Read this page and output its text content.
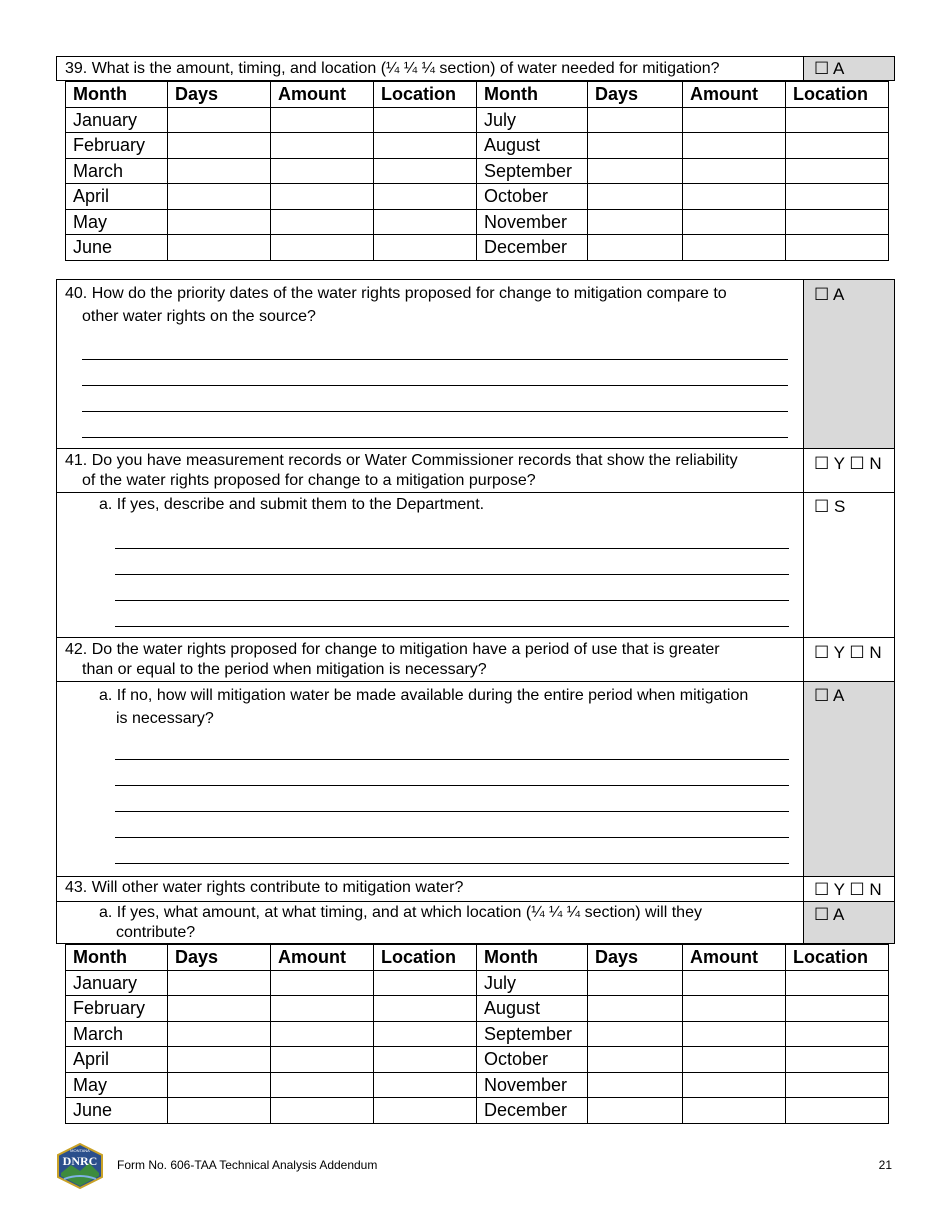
39. What is the amount, timing, and location (¼ ¼ ¼ section) of water needed for mitigation?	☐ A
Month	Days	Amount	Location	Month	Days	Amount	Location
January				July			
February				August			
March				September			
April				October			
May				November			
June				December			
40. How do the priority dates of the water rights proposed for change to mitigation compare to
other water rights on the source?
☐ A
41. Do you have measurement records or Water Commissioner records that show the reliability
of the water rights proposed for change to a mitigation purpose?
☐ Y ☐ N
a. If yes, describe and submit them to the Department.	☐ S
42. Do the water rights proposed for change to mitigation have a period of use that is greater
than or equal to the period when mitigation is necessary?
☐ Y ☐ N
a. If no, how will mitigation water be made available during the entire period when mitigation
is necessary?
☐ A
43. Will other water rights contribute to mitigation water?	☐ Y ☐ N
a. If yes, what amount, at what timing, and at which location (¼ ¼ ¼ section) will they
contribute?
☐ A
Month	Days	Amount	Location	Month	Days	Amount	Location
January				July			
February				August			
March				September			
April				October			
May				November			
June				December			
MONTANA
DNRC Form No. 606-TAA Technical Analysis Addendum	21
